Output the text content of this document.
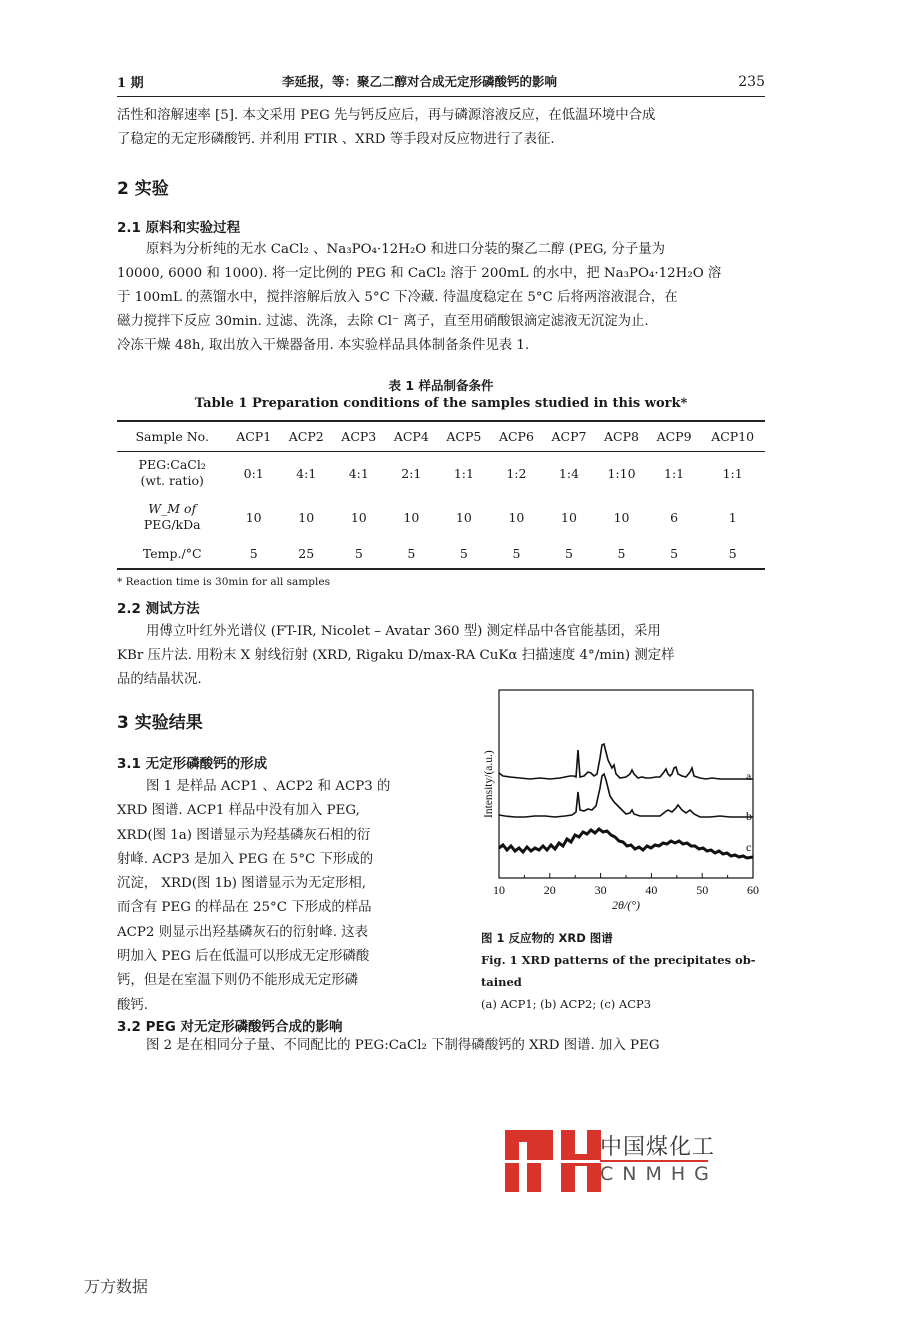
1 期	李延报，等：聚乙二醇对合成无定形磷酸钙的影响	235
活性和溶解速率 [5]. 本文采用 PEG 先与钙反应后，再与磷源溶液反应，在低温环境中合成
了稳定的无定形磷酸钙. 并利用 FTIR 、XRD 等手段对反应物进行了表征.
2 实验
2.1 原料和实验过程
原料为分析纯的无水 CaCl₂ 、Na₃PO₄·12H₂O 和进口分装的聚乙二醇 (PEG, 分子量为
10000, 6000 和 1000). 将一定比例的 PEG 和 CaCl₂ 溶于 200mL 的水中，把 Na₃PO₄·12H₂O 溶
于 100mL 的蒸馏水中，搅拌溶解后放入 5°C 下冷藏. 待温度稳定在 5°C 后将两溶液混合，在
磁力搅拌下反应 30min. 过滤、洗涤，去除 Cl⁻ 离子，直至用硝酸银滴定滤液无沉淀为止.
冷冻干燥 48h, 取出放入干燥器备用. 本实验样品具体制备条件见表 1.
表 1 样品制备条件
Table 1 Preparation conditions of the samples studied in this work*
Sample No.	ACP1	ACP2	ACP3	ACP4	ACP5	ACP6	ACP7	ACP8	ACP9	ACP10

PEG:CaCl₂
(wt. ratio)	0:1	4:1	4:1	2:1	1:1	1:2	1:4	1:10	1:1	1:1

W_M of
PEG/kDa	10	10	10	10	10	10	10	10	6	1
Temp./°C	5	25	5	5	5	5	5	5	5	5
* Reaction time is 30min for all samples
2.2 测试方法
用傅立叶红外光谱仪 (FT-IR, Nicolet – Avatar 360 型) 测定样品中各官能基团，采用
KBr 压片法. 用粉末 X 射线衍射 (XRD, Rigaku D/max-RA CuKα 扫描速度 4°/min) 测定样
品的结晶状况.
3 实验结果
3.1 无定形磷酸钙的形成
图 1 是样品 ACP1 、ACP2 和 ACP3 的
XRD 图谱. ACP1 样品中没有加入 PEG,
XRD(图 1a) 图谱显示为羟基磷灰石相的衍
射峰. ACP3 是加入 PEG 在 5°C 下形成的
沉淀， XRD(图 1b) 图谱显示为无定形相,
而含有 PEG 的样品在 25°C 下形成的样品
ACP2 则显示出羟基磷灰石的衍射峰. 这表
明加入 PEG 后在低温可以形成无定形磷酸
钙，但是在室温下则仍不能形成无定形磷
酸钙.
3.2 PEG 对无定形磷酸钙合成的影响
图 2 是在相同分子量、不同配比的 PEG:CaCl₂ 下制得磷酸钙的 XRD 图谱. 加入 PEG
a
b
c
10	20	30	40	50	60
2θ/(°)
Intensity/(a.u.)
图 1 反应物的 XRD 图谱
Fig. 1 XRD patterns of the precipitates ob-
tained
(a) ACP1; (b) ACP2; (c) ACP3
中国煤化工
CNMHG
万方数据
